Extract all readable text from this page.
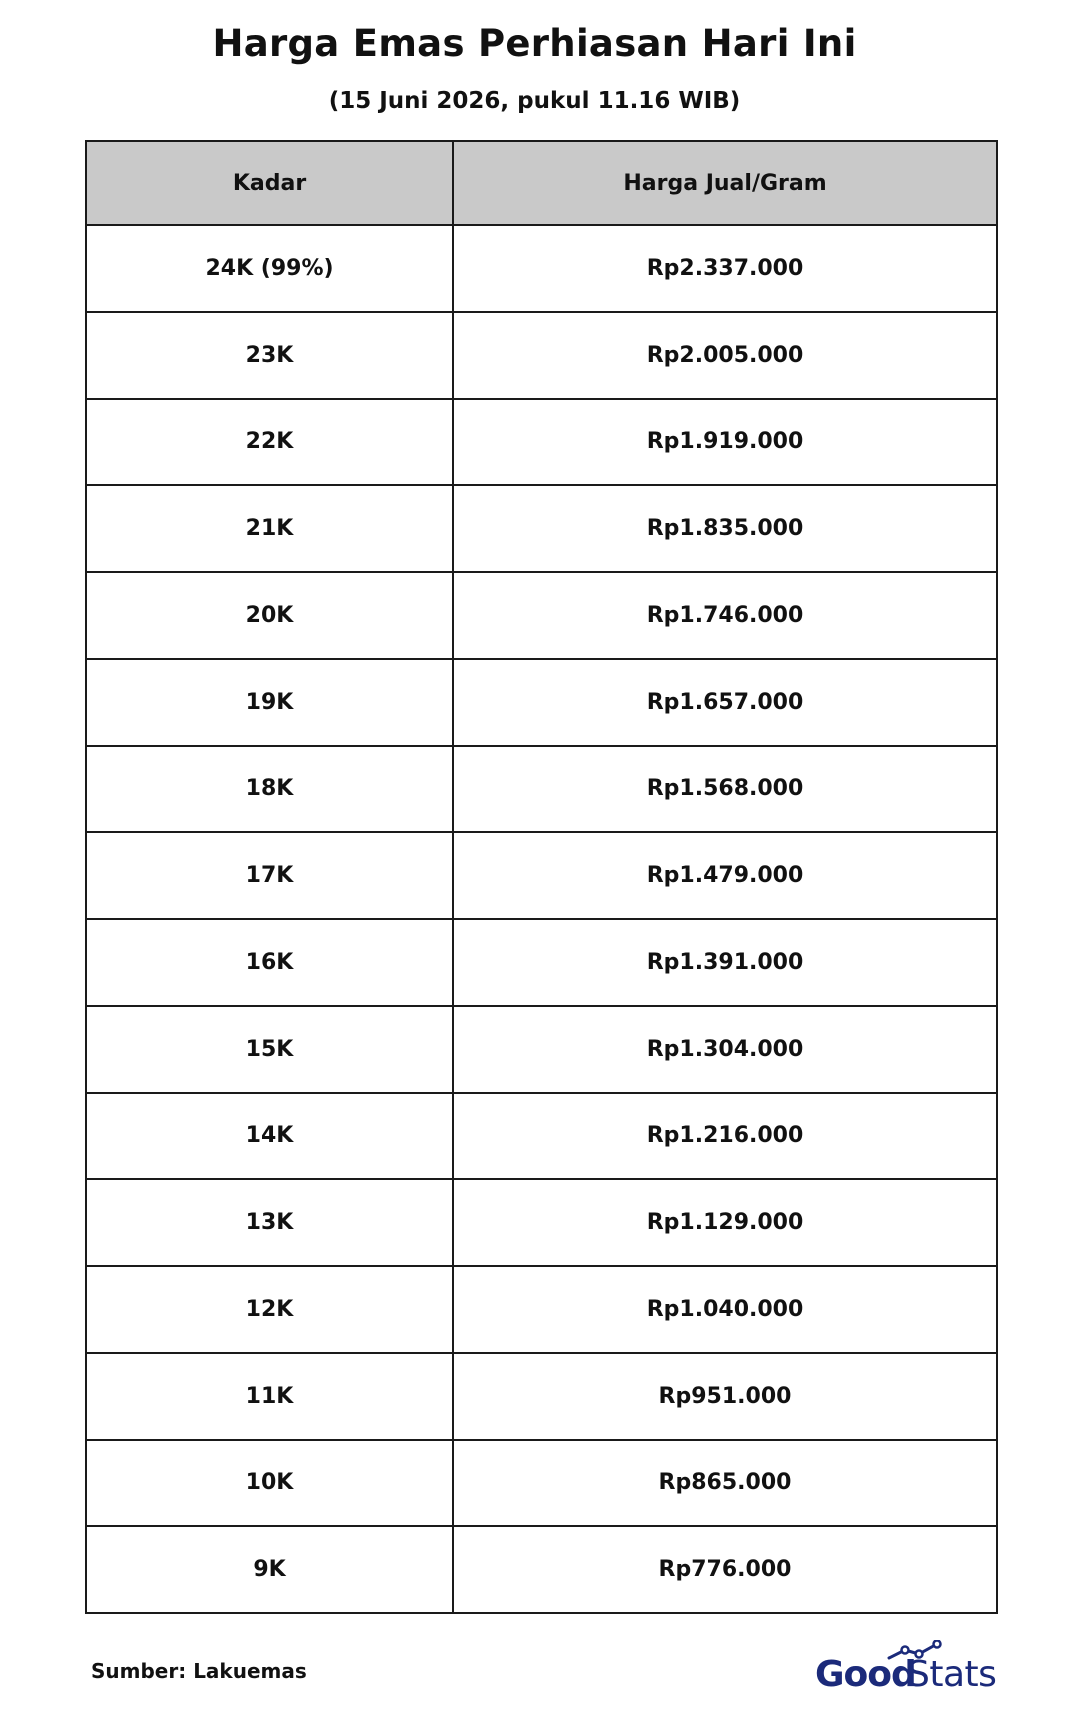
Harga Emas Perhiasan Hari Ini
(15 Juni 2026, pukul 11.16 WIB)
Kadar	Harga Jual/Gram
24K (99%)	Rp2.337.000
23K	Rp2.005.000
22K	Rp1.919.000
21K	Rp1.835.000
20K	Rp1.746.000
19K	Rp1.657.000
18K	Rp1.568.000
17K	Rp1.479.000
16K	Rp1.391.000
15K	Rp1.304.000
14K	Rp1.216.000
13K	Rp1.129.000
12K	Rp1.040.000
11K	Rp951.000
10K	Rp865.000
9K	Rp776.000
Sumber: Lakuemas	Good
Stats
